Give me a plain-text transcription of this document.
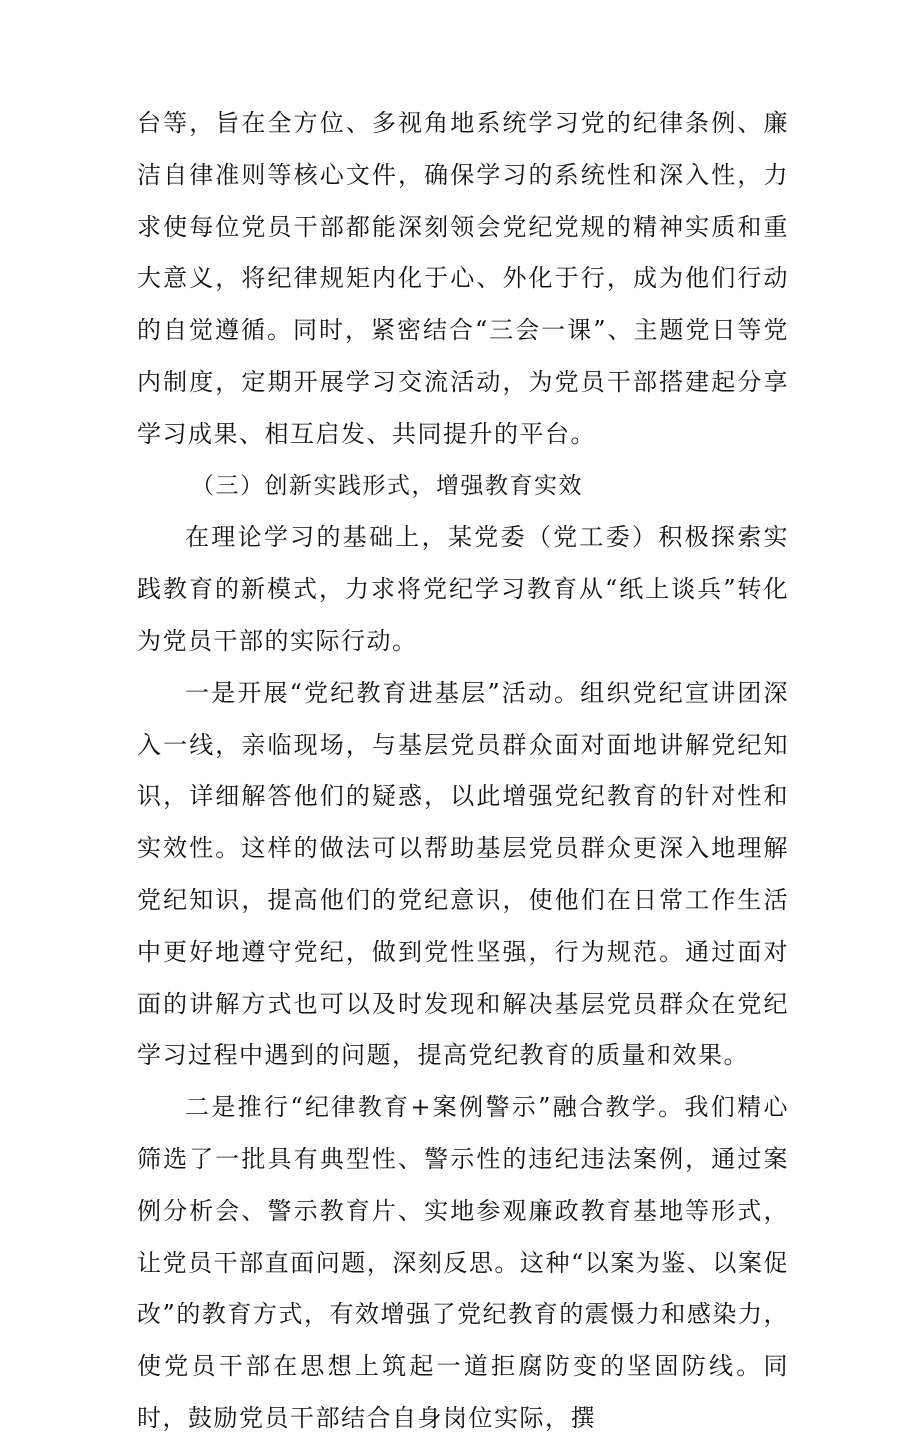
台等，旨在全方位、多视角地系统学习党的纪律条例、廉洁自律准则等核心文件，确保学习的系统性和深入性，力求使每位党员干部都能深刻领会党纪党规的精神实质和重大意义，将纪律规矩内化于心、外化于行，成为他们行动的自觉遵循。同时，紧密结合“三会一课”、主题党日等党内制度，定期开展学习交流活动，为党员干部搭建起分享学习成果、相互启发、共同提升的平台。

（三）创新实践形式，增强教育实效

在理论学习的基础上，某党委（党工委）积极探索实践教育的新模式，力求将党纪学习教育从“纸上谈兵”转化为党员干部的实际行动。

一是开展“党纪教育进基层”活动。组织党纪宣讲团深入一线，亲临现场，与基层党员群众面对面地讲解党纪知识，详细解答他们的疑惑，以此增强党纪教育的针对性和实效性。这样的做法可以帮助基层党员群众更深入地理解党纪知识，提高他们的党纪意识，使他们在日常工作生活中更好地遵守党纪，做到党性坚强，行为规范。通过面对面的讲解方式也可以及时发现和解决基层党员群众在党纪学习过程中遇到的问题，提高党纪教育的质量和效果。

二是推行“纪律教育+案例警示”融合教学。我们精心筛选了一批具有典型性、警示性的违纪违法案例，通过案例分析会、警示教育片、实地参观廉政教育基地等形式，让党员干部直面问题，深刻反思。这种“以案为鉴、以案促改”的教育方式，有效增强了党纪教育的震慑力和感染力，使党员干部在思想上筑起一道拒腐防变的坚固防线。同时，鼓励党员干部结合自身岗位实际，撰
